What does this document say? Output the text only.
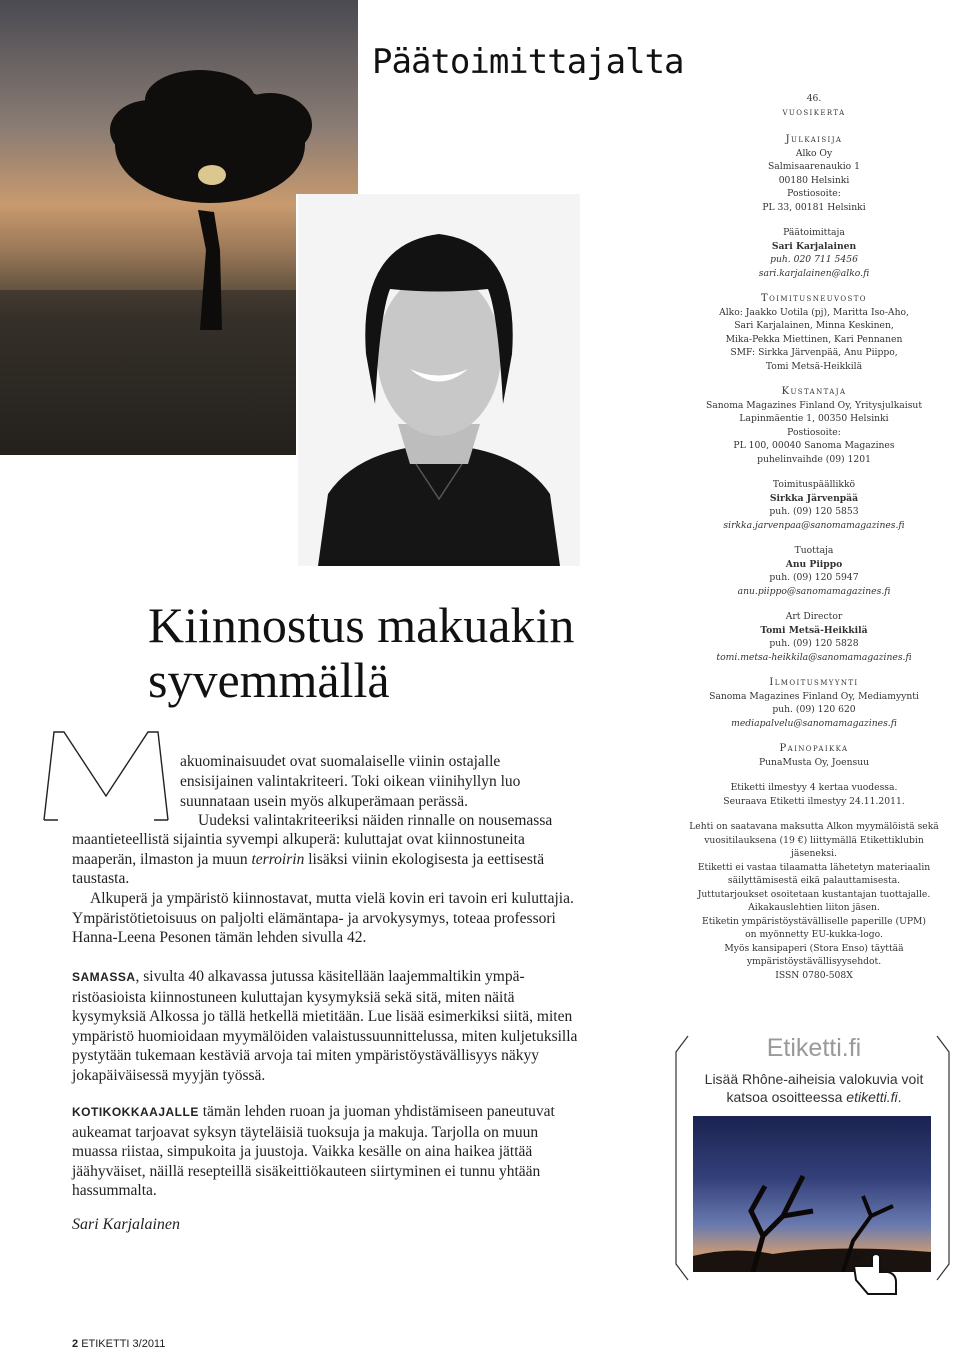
Päätoimittajalta
Kiinnostus makuakin
syvemmällä
akuominaisuudet ovat suomalaiselle viinin ostajalle
ensisijainen valintakriteeri. Toki oikean viinihyllyn luo
suunnataan usein myös alkuperämaan perässä.
Uudeksi valintakriteeriksi näiden rinnalle on nousemassa

maantieteellistä sijaintia syvempi alkuperä: kuluttajat ovat kiinnostuneita maaperän, ilmaston ja muun terroirin lisäksi viinin ekologisesta ja eettisestä taustasta.

Alkuperä ja ympäristö kiinnostavat, mutta vielä kovin eri tavoin eri kuluttajia. Ympäristötietoisuus on paljolti elämäntapa- ja arvokysymys, toteaa professori Hanna-Leena Pesonen tämän lehden sivulla 42.

SAMASSA, sivulta 40 alkavassa jutussa käsitellään laajemmaltikin ympäristöasioista kiinnostuneen kuluttajan kysymyksiä sekä sitä, miten näitä kysymyksiä Alkossa jo tällä hetkellä mietitään. Lue lisää esimerkiksi siitä, miten ympäristö huomioidaan myymälöiden valaistussuunnittelussa, miten kuljetuksilla pystytään tukemaan kestäviä arvoja tai miten ympäristöystävällisyys näkyy jokapäiväisessä myyjän työssä.

KOTIKOKKAAJALLE tämän lehden ruoan ja juoman yhdistämiseen paneutuvat aukeamat tarjoavat syksyn täyteläisiä tuoksuja ja makuja. Tarjolla on muun muassa riistaa, simpukoita ja juustoja. Vaikka kesälle on aina haikea jättää jäähyväiset, näillä resepteillä sisäkeittiökauteen siirtyminen ei tunnu yhtään hassummalta.

Sari Karjalainen
46.
vuosikerta
Julkaisija
Alko Oy
Salmisaarenaukio 1
00180 Helsinki
Postiosoite:
PL 33, 00181 Helsinki
Päätoimittaja
Sari Karjalainen
puh. 020 711 5456
sari.karjalainen@alko.fi
Toimitusneuvosto
Alko: Jaakko Uotila (pj), Maritta Iso-Aho,
Sari Karjalainen, Minna Keskinen,
Mika-Pekka Miettinen, Kari Pennanen
SMF: Sirkka Järvenpää, Anu Piippo,
Tomi Metsä-Heikkilä
Kustantaja
Sanoma Magazines Finland Oy, Yritysjulkaisut
Lapinmäentie 1, 00350 Helsinki
Postiosoite:
PL 100, 00040 Sanoma Magazines
puhelinvaihde (09) 1201
Toimituspäällikkö
Sirkka Järvenpää
puh. (09) 120 5853
sirkka.jarvenpaa@sanomamagazines.fi
Tuottaja
Anu Piippo
puh. (09) 120 5947
anu.piippo@sanomamagazines.fi
Art Director
Tomi Metsä-Heikkilä
puh. (09) 120 5828
tomi.metsa-heikkila@sanomamagazines.fi
Ilmoitusmyynti
Sanoma Magazines Finland Oy, Mediamyynti
puh. (09) 120 620
mediapalvelu@sanomamagazines.fi
Painopaikka
PunaMusta Oy, Joensuu
Etiketti ilmestyy 4 kertaa vuodessa.
Seuraava Etiketti ilmestyy 24.11.2011.
Lehti on saatavana maksutta Alkon myymälöistä sekä
vuositilauksena (19 €) liittymällä Etikettiklubin jäseneksi.
Etiketti ei vastaa tilaamatta lähetetyn materiaalin
säilyttämisestä eikä palauttamisesta.
Juttutarjoukset osoitetaan kustantajan tuottajalle.
Aikakauslehtien liiton jäsen.
Etiketin ympäristöystävälliselle paperille (UPM)
on myönnetty EU-kukka-logo.
Myös kansipaperi (Stora Enso) täyttää
ympäristöystävällisyysehdot.
ISSN 0780-508X
Etiketti.fi
Lisää Rhône-aiheisia valokuvia voit
katsoa osoitteessa etiketti.fi.
2 ETIKETTI 3/2011
